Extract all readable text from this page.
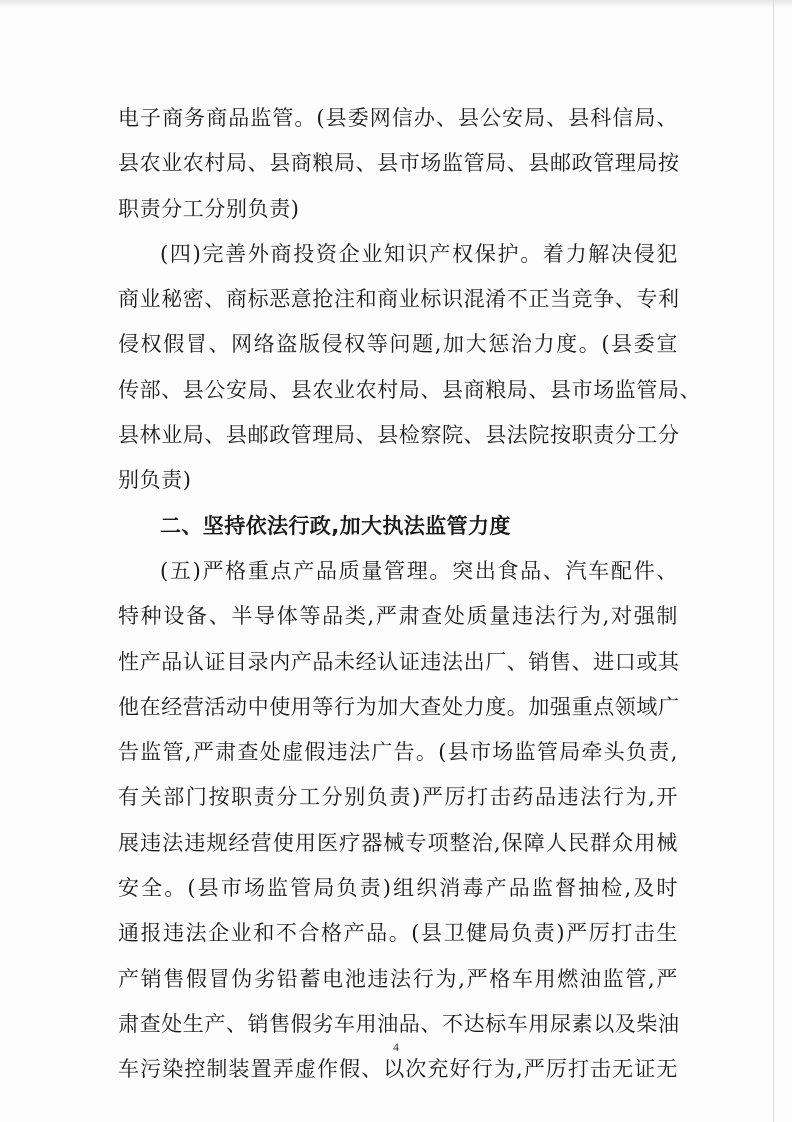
电子商务商品监管。(县委网信办、县公安局、县科信局、
县农业农村局、县商粮局、县市场监管局、县邮政管理局按
职责分工分别负责)
(四)完善外商投资企业知识产权保护。着力解决侵犯
商业秘密、商标恶意抢注和商业标识混淆不正当竞争、专利
侵权假冒、网络盗版侵权等问题,加大惩治力度。(县委宣
传部、县公安局、县农业农村局、县商粮局、县市场监管局、
县林业局、县邮政管理局、县检察院、县法院按职责分工分
别负责)
二、坚持依法行政,加大执法监管力度
(五)严格重点产品质量管理。突出食品、汽车配件、
特种设备、半导体等品类,严肃查处质量违法行为,对强制
性产品认证目录内产品未经认证违法出厂、销售、进口或其
他在经营活动中使用等行为加大查处力度。加强重点领域广
告监管,严肃查处虚假违法广告。(县市场监管局牵头负责,
有关部门按职责分工分别负责)严厉打击药品违法行为,开
展违法违规经营使用医疗器械专项整治,保障人民群众用械
安全。(县市场监管局负责)组织消毒产品监督抽检,及时
通报违法企业和不合格产品。(县卫健局负责)严厉打击生
产销售假冒伪劣铅蓄电池违法行为,严格车用燃油监管,严
肃查处生产、销售假劣车用油品、不达标车用尿素以及柴油
车污染控制装置弄虚作假、以次充好行为,严厉打击无证无
4
